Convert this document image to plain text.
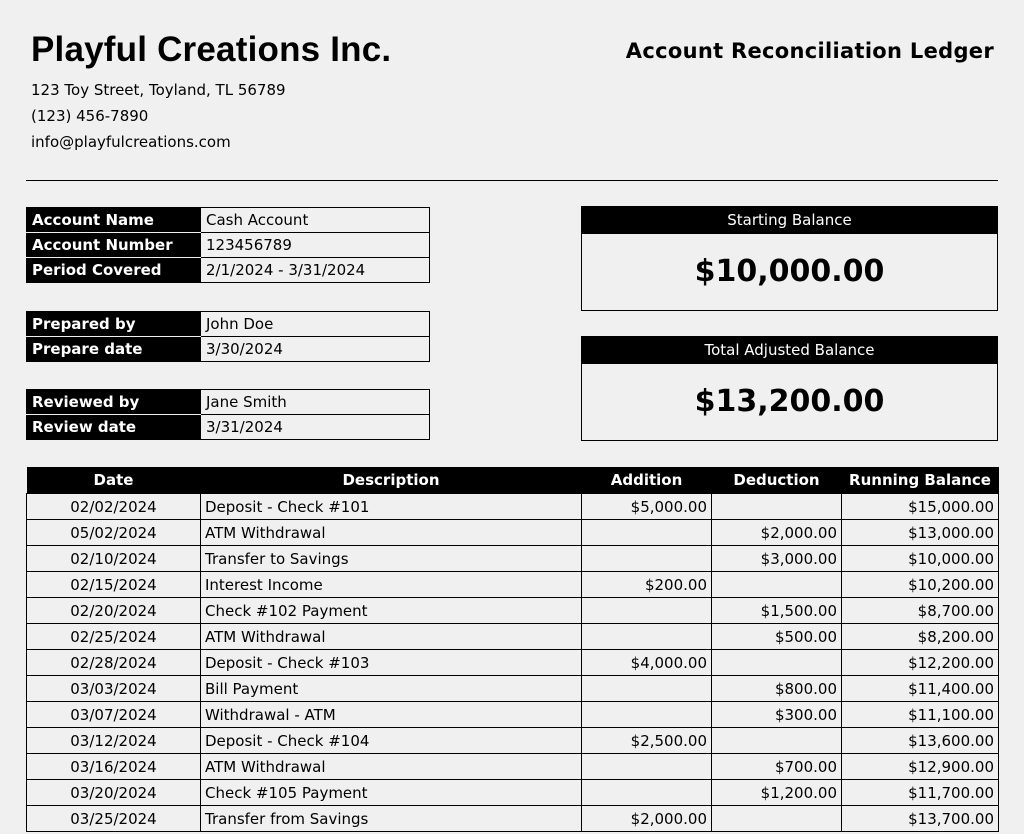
Playful Creations Inc.	Account Reconciliation Ledger
123 Toy Street, Toyland, TL 56789
(123) 456-7890
info@playfulcreations.com
Account Name	Cash Account
Account Number	123456789
Period Covered	2/1/2024 - 3/31/2024
Prepared by	John Doe
Prepare date	3/30/2024
Reviewed by	Jane Smith
Review date	3/31/2024
Starting Balance
$10,000.00
Total Adjusted Balance
$13,200.00
Date	Description	Addition	Deduction	Running Balance
02/02/2024	Deposit - Check #101	$5,000.00		$15,000.00
05/02/2024	ATM Withdrawal		$2,000.00	$13,000.00
02/10/2024	Transfer to Savings		$3,000.00	$10,000.00
02/15/2024	Interest Income	$200.00		$10,200.00
02/20/2024	Check #102 Payment		$1,500.00	$8,700.00
02/25/2024	ATM Withdrawal		$500.00	$8,200.00
02/28/2024	Deposit - Check #103	$4,000.00		$12,200.00
03/03/2024	Bill Payment		$800.00	$11,400.00
03/07/2024	Withdrawal - ATM		$300.00	$11,100.00
03/12/2024	Deposit - Check #104	$2,500.00		$13,600.00
03/16/2024	ATM Withdrawal		$700.00	$12,900.00
03/20/2024	Check #105 Payment		$1,200.00	$11,700.00
03/25/2024	Transfer from Savings	$2,000.00		$13,700.00
